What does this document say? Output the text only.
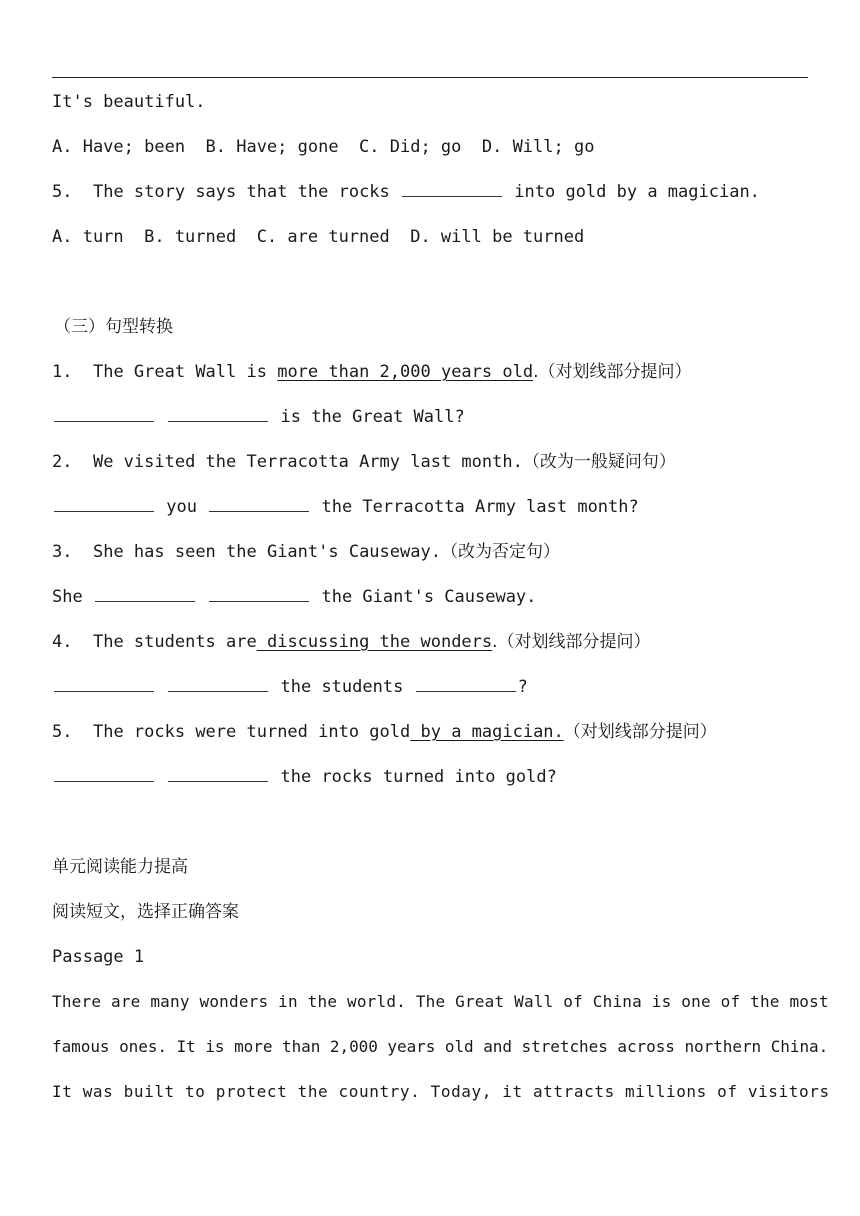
It's beautiful.
A. Have; been  B. Have; gone  C. Did; go  D. Will; go
5. The story says that the rocks	into gold by a magician.
A. turn  B. turned  C. are turned  D. will be turned
（三）句型转换
1. The Great Wall is more than 2,000 years old.（对划线部分提问）
is the Great Wall?
2. We visited the Terracotta Army last month.（改为一般疑问句）
you	the Terracotta Army last month?
3. She has seen the Giant's Causeway.（改为否定句）
She	the Giant's Causeway.
4. The students are discussing the wonders.（对划线部分提问）
the students	?
5. The rocks were turned into gold by a magician.（对划线部分提问）
the rocks turned into gold?
单元阅读能力提高
阅读短文，选择正确答案
Passage 1
There are many wonders in the world. The Great Wall of China is one of the most
famous ones. It is more than 2,000 years old and stretches across northern China.
It was built to protect the country. Today, it attracts millions of visitors
